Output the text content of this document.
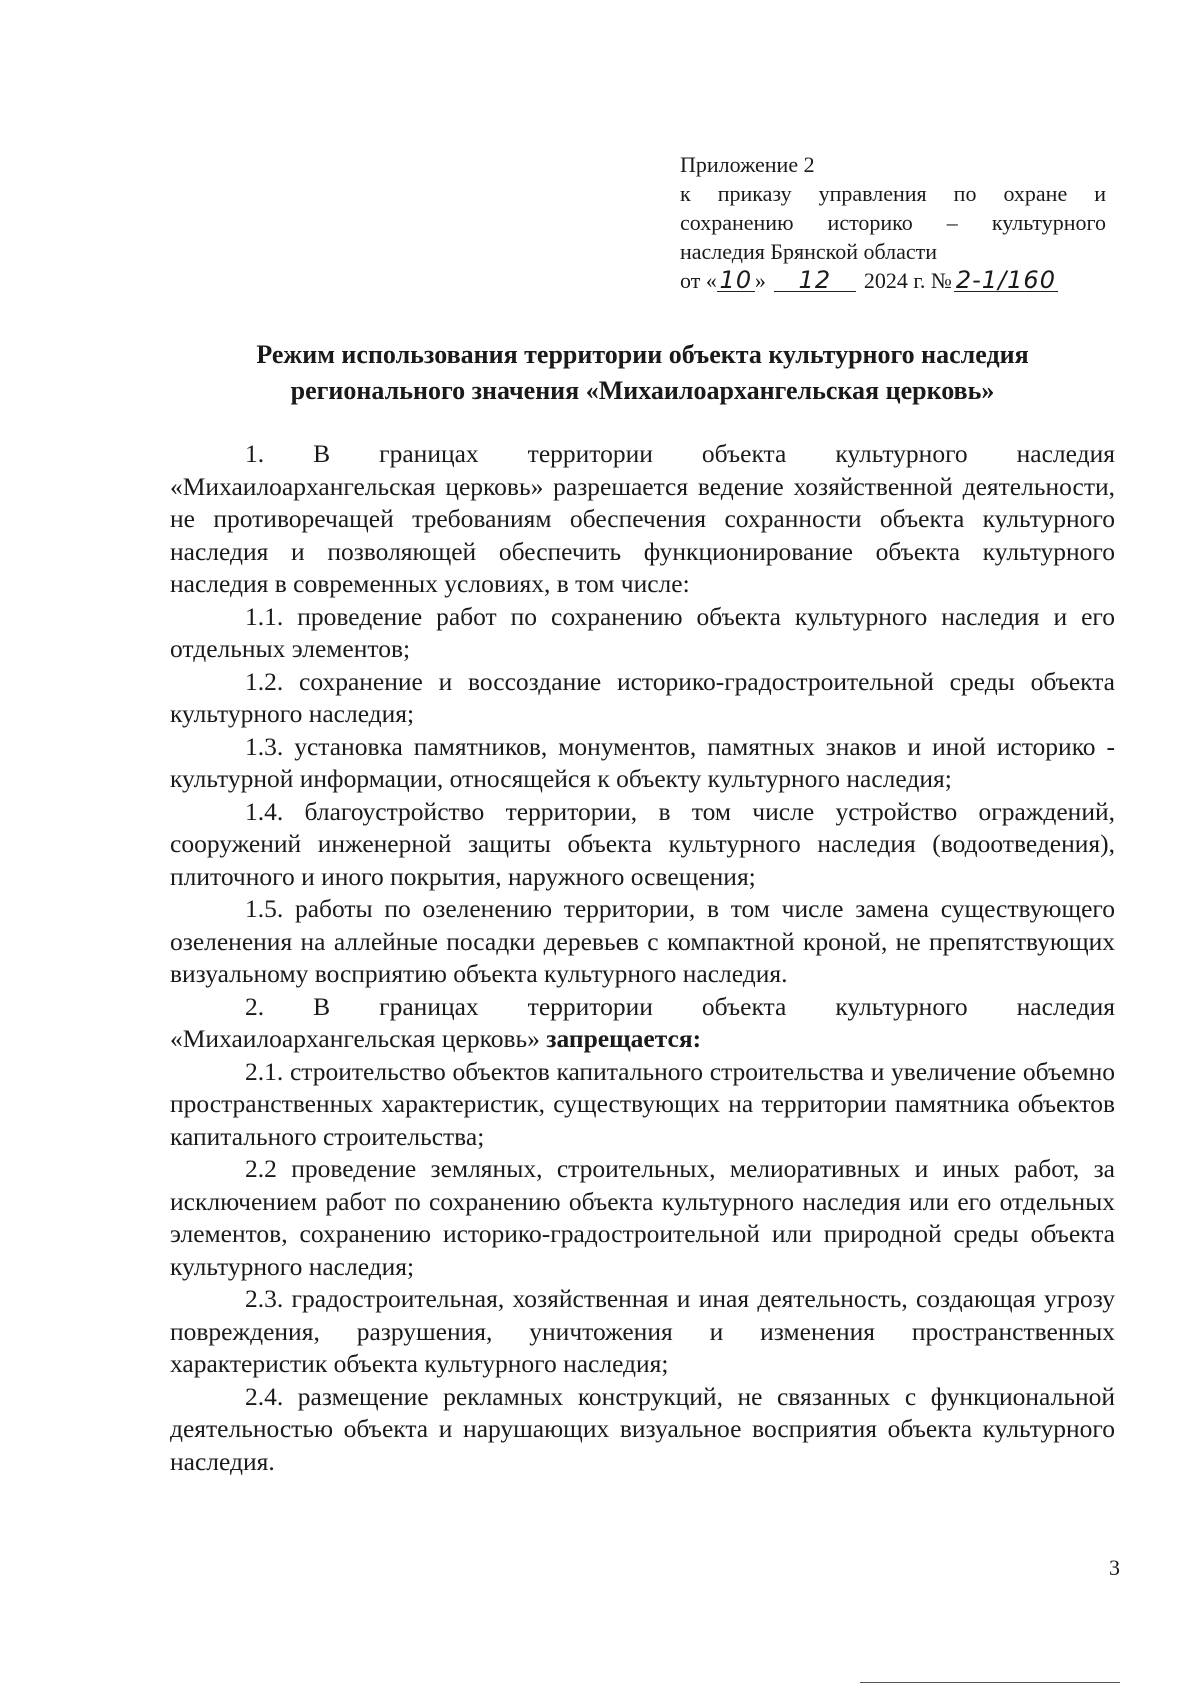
Приложение 2
к приказу управления по охране и
сохранению историко – культурного
наследия Брянской области
от « 10 »	12	2024 г. № 2-1/160
Режим использования территории объекта культурного наследия
регионального значения «Михаилоархангельская церковь»

1. В границах территории объекта культурного наследия «Михаилоархангельская церковь» разрешается ведение хозяйственной деятельности, не противоречащей требованиям обеспечения сохранности объекта культурного наследия и позволяющей обеспечить функционирование объекта культурного наследия в современных условиях, в том числе:

1.1. проведение работ по сохранению объекта культурного наследия и его отдельных элементов;

1.2. сохранение и воссоздание историко-градостроительной среды объекта культурного наследия;

1.3. установка памятников, монументов, памятных знаков и иной историко - культурной информации, относящейся к объекту культурного наследия;

1.4. благоустройство территории, в том числе устройство ограждений, сооружений инженерной защиты объекта культурного наследия (водоотведения), плиточного и иного покрытия, наружного освещения;

1.5. работы по озеленению территории, в том числе замена существующего озеленения на аллейные посадки деревьев с компактной кроной, не препятствующих визуальному восприятию объекта культурного наследия.

2. В границах территории объекта культурного наследия «Михаилоархангельская церковь» запрещается:

2.1. строительство объектов капитального строительства и увеличение объемно пространственных характеристик, существующих на территории памятника объектов капитального строительства;

2.2 проведение земляных, строительных, мелиоративных и иных работ, за исключением работ по сохранению объекта культурного наследия или его отдельных элементов, сохранению историко-градостроительной или природной среды объекта культурного наследия;

2.3. градостроительная, хозяйственная и иная деятельность, создающая угрозу повреждения, разрушения, уничтожения и изменения пространственных характеристик объекта культурного наследия;

2.4. размещение рекламных конструкций, не связанных с функциональной деятельностью объекта и нарушающих визуальное восприятия объекта культурного наследия.

3
